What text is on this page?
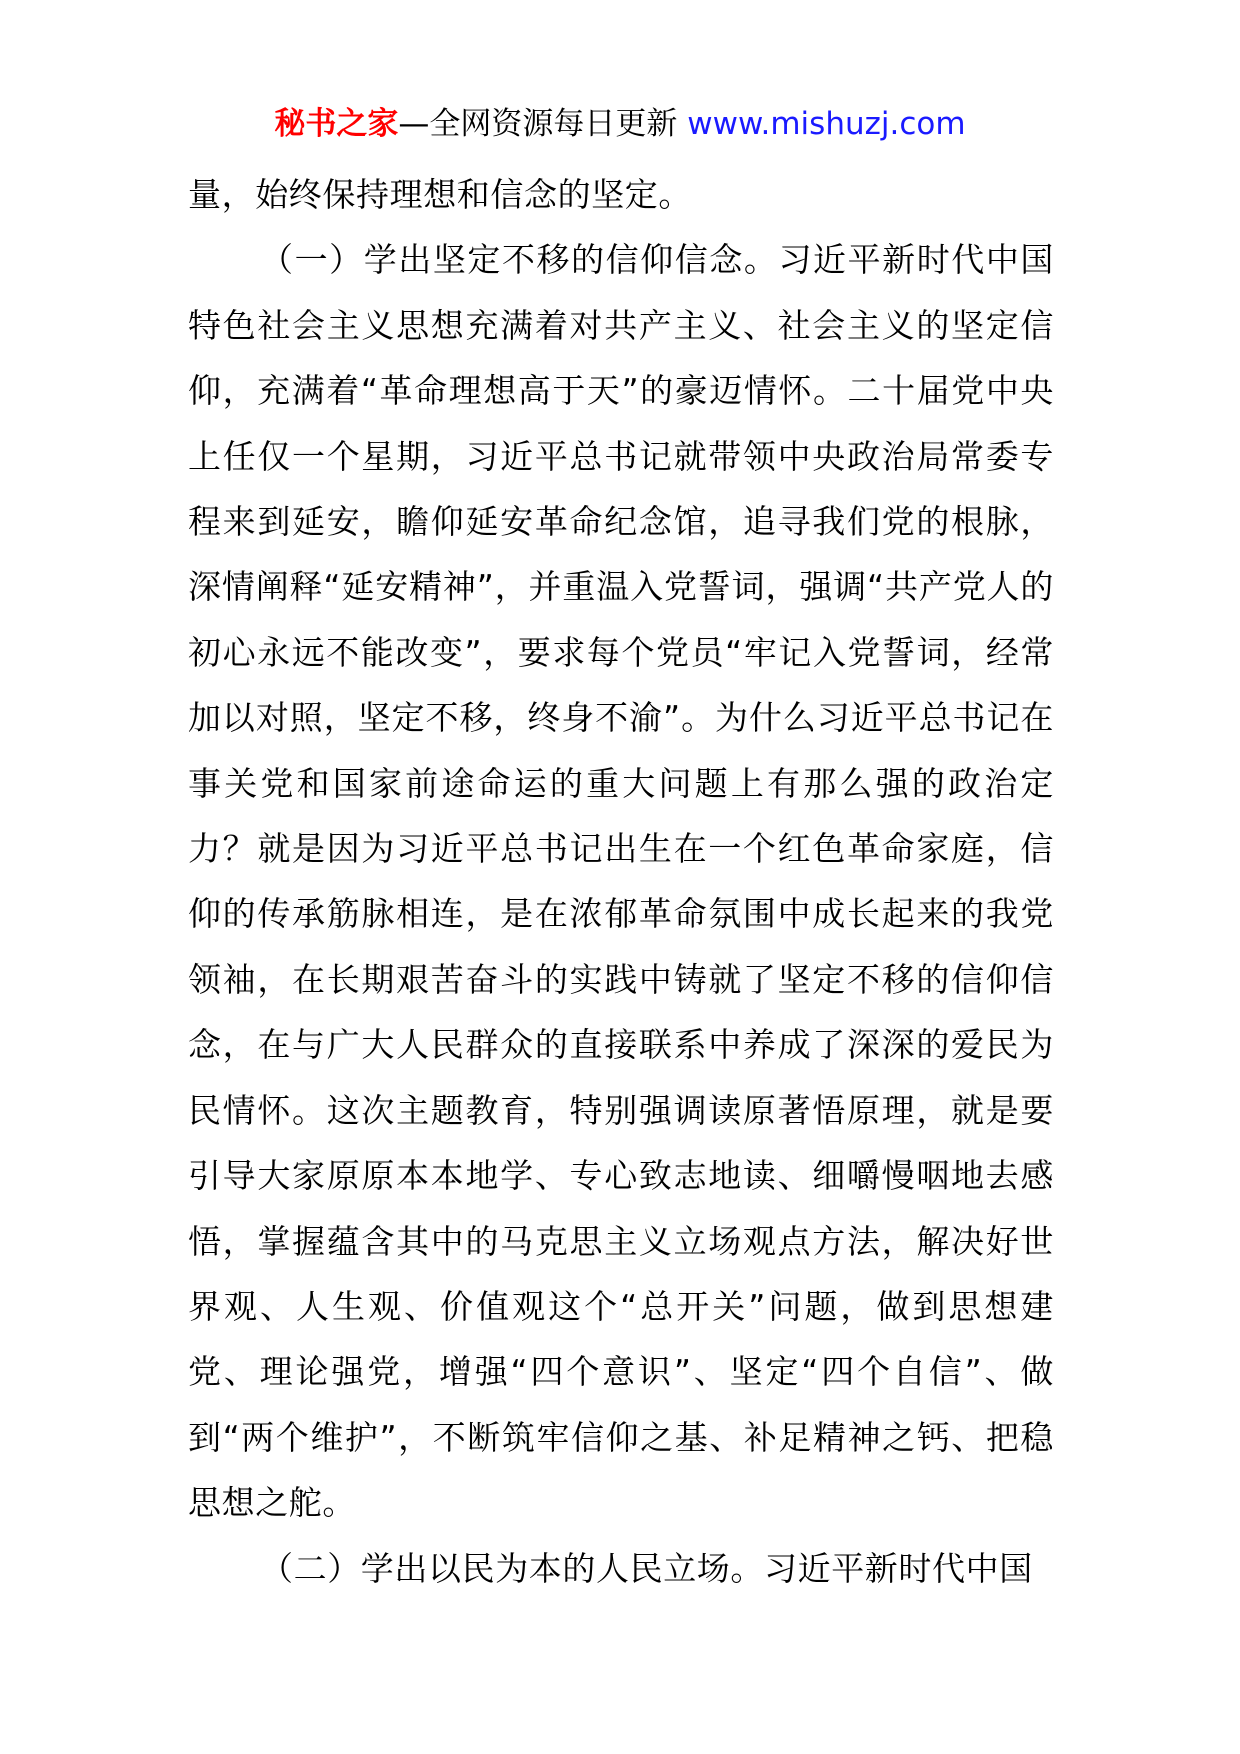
秘书之家—全网资源每日更新 www.mishuzj.com

量，始终保持理想和信念的坚定。

（一）学出坚定不移的信仰信念。习近平新时代中国特色社会主义思想充满着对共产主义、社会主义的坚定信仰，充满着“革命理想高于天”的豪迈情怀。二十届党中央上任仅一个星期，习近平总书记就带领中央政治局常委专程来到延安，瞻仰延安革命纪念馆，追寻我们党的根脉，深情阐释“延安精神”，并重温入党誓词，强调“共产党人的初心永远不能改变”，要求每个党员“牢记入党誓词，经常加以对照，坚定不移，终身不渝”。为什么习近平总书记在事关党和国家前途命运的重大问题上有那么强的政治定力？就是因为习近平总书记出生在一个红色革命家庭，信仰的传承筋脉相连，是在浓郁革命氛围中成长起来的我党领袖，在长期艰苦奋斗的实践中铸就了坚定不移的信仰信念，在与广大人民群众的直接联系中养成了深深的爱民为民情怀。这次主题教育，特别强调读原著悟原理，就是要引导大家原原本本地学、专心致志地读、细嚼慢咽地去感悟，掌握蕴含其中的马克思主义立场观点方法，解决好世界观、人生观、价值观这个“总开关”问题，做到思想建党、理论强党，增强“四个意识”、坚定“四个自信”、做到“两个维护”，不断筑牢信仰之基、补足精神之钙、把稳思想之舵。

（二）学出以民为本的人民立场。习近平新时代中国
